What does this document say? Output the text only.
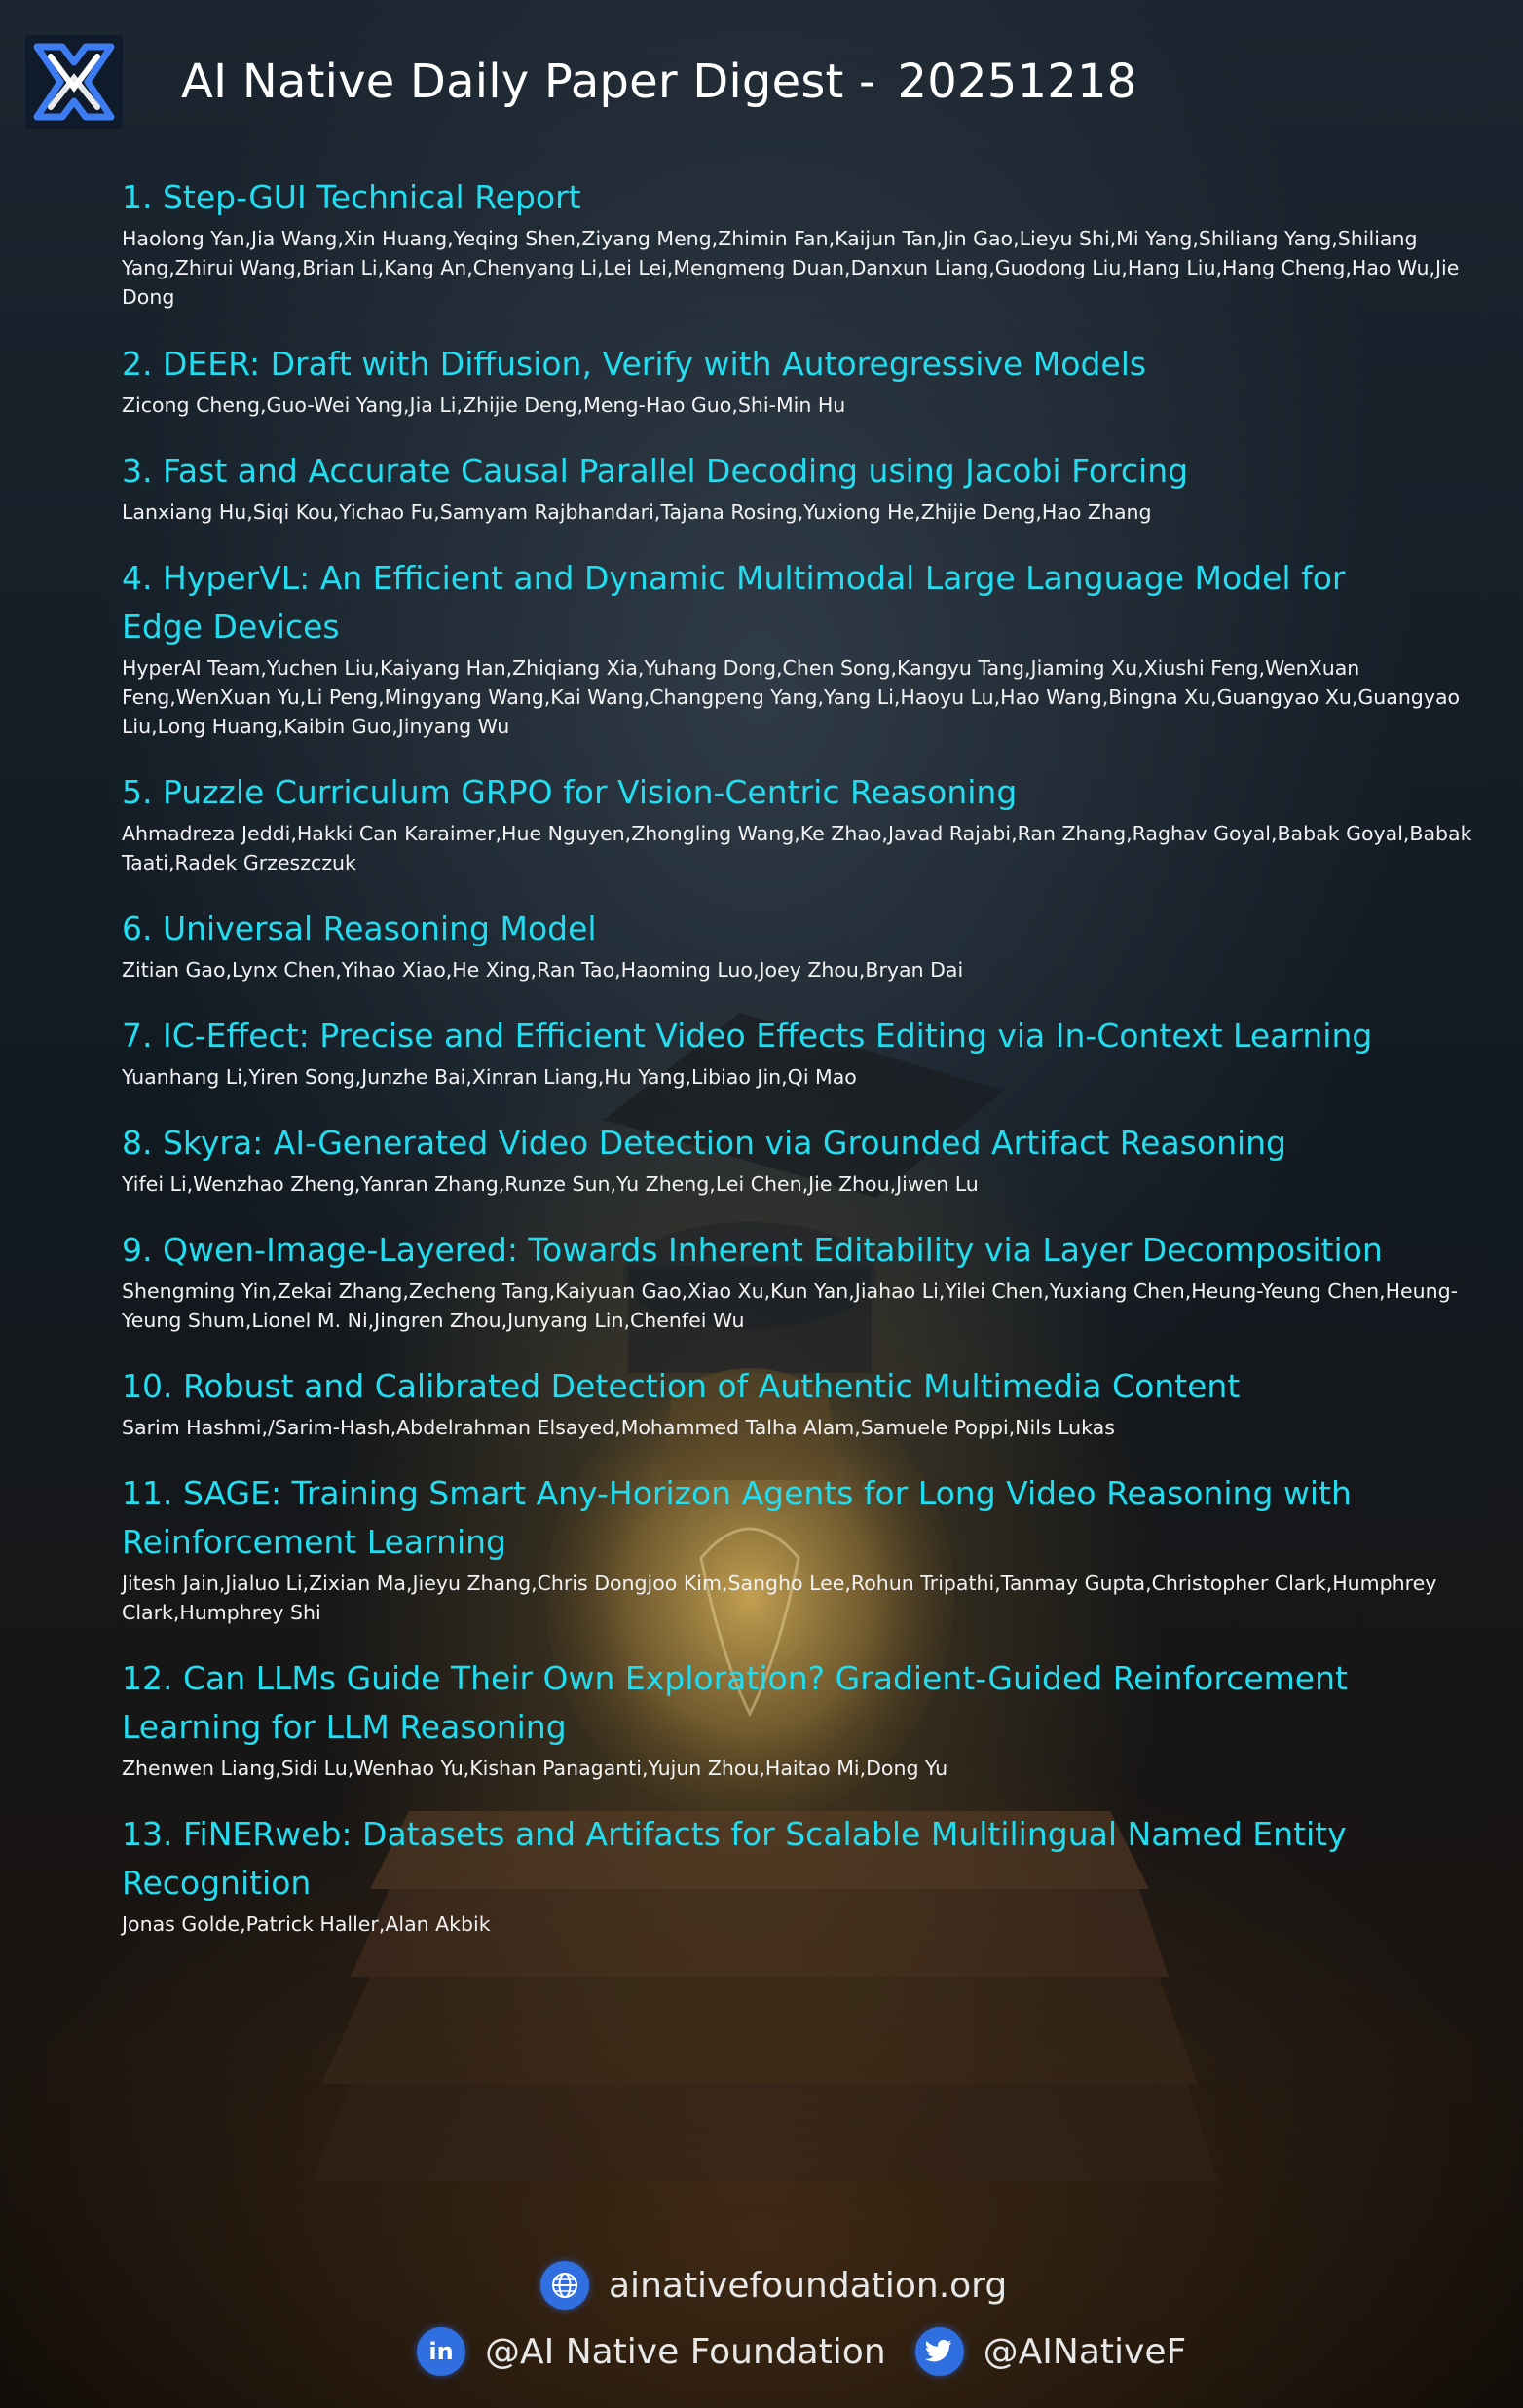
AI Native Daily Paper Digest - 20251218
1. Step-GUI Technical Report
Haolong Yan,Jia Wang,Xin Huang,Yeqing Shen,Ziyang Meng,Zhimin Fan,Kaijun Tan,Jin Gao,Lieyu Shi,Mi Yang,Shiliang Yang,Shiliang Yang,Zhirui Wang,Brian Li,Kang An,Chenyang Li,Lei Lei,Mengmeng Duan,Danxun Liang,Guodong Liu,Hang Liu,Hang Cheng,Hao Wu,Jie Dong
2. DEER: Draft with Diffusion, Verify with Autoregressive Models
Zicong Cheng,Guo-Wei Yang,Jia Li,Zhijie Deng,Meng-Hao Guo,Shi-Min Hu
3. Fast and Accurate Causal Parallel Decoding using Jacobi Forcing
Lanxiang Hu,Siqi Kou,Yichao Fu,Samyam Rajbhandari,Tajana Rosing,Yuxiong He,Zhijie Deng,Hao Zhang
4. HyperVL: An Efficient and Dynamic Multimodal Large Language Model for Edge Devices
HyperAI Team,Yuchen Liu,Kaiyang Han,Zhiqiang Xia,Yuhang Dong,Chen Song,Kangyu Tang,Jiaming Xu,Xiushi Feng,WenXuan Feng,WenXuan Yu,Li Peng,Mingyang Wang,Kai Wang,Changpeng Yang,Yang Li,Haoyu Lu,Hao Wang,Bingna Xu,Guangyao Xu,Guangyao Liu,Long Huang,Kaibin Guo,Jinyang Wu
5. Puzzle Curriculum GRPO for Vision-Centric Reasoning
Ahmadreza Jeddi,Hakki Can Karaimer,Hue Nguyen,Zhongling Wang,Ke Zhao,Javad Rajabi,Ran Zhang,Raghav Goyal,Babak Goyal,Babak Taati,Radek Grzeszczuk
6. Universal Reasoning Model
Zitian Gao,Lynx Chen,Yihao Xiao,He Xing,Ran Tao,Haoming Luo,Joey Zhou,Bryan Dai
7. IC-Effect: Precise and Efficient Video Effects Editing via In-Context Learning
Yuanhang Li,Yiren Song,Junzhe Bai,Xinran Liang,Hu Yang,Libiao Jin,Qi Mao
8. Skyra: AI-Generated Video Detection via Grounded Artifact Reasoning
Yifei Li,Wenzhao Zheng,Yanran Zhang,Runze Sun,Yu Zheng,Lei Chen,Jie Zhou,Jiwen Lu
9. Qwen-Image-Layered: Towards Inherent Editability via Layer Decomposition
Shengming Yin,Zekai Zhang,Zecheng Tang,Kaiyuan Gao,Xiao Xu,Kun Yan,Jiahao Li,Yilei Chen,Yuxiang Chen,Heung-Yeung Chen,Heung-Yeung Shum,Lionel M. Ni,Jingren Zhou,Junyang Lin,Chenfei Wu
10. Robust and Calibrated Detection of Authentic Multimedia Content
Sarim Hashmi,/Sarim-Hash,Abdelrahman Elsayed,Mohammed Talha Alam,Samuele Poppi,Nils Lukas
11. SAGE: Training Smart Any-Horizon Agents for Long Video Reasoning with Reinforcement Learning
Jitesh Jain,Jialuo Li,Zixian Ma,Jieyu Zhang,Chris Dongjoo Kim,Sangho Lee,Rohun Tripathi,Tanmay Gupta,Christopher Clark,Humphrey Clark,Humphrey Shi
12. Can LLMs Guide Their Own Exploration? Gradient-Guided Reinforcement Learning for LLM Reasoning
Zhenwen Liang,Sidi Lu,Wenhao Yu,Kishan Panaganti,Yujun Zhou,Haitao Mi,Dong Yu
13. FiNERweb: Datasets and Artifacts for Scalable Multilingual Named Entity Recognition
Jonas Golde,Patrick Haller,Alan Akbik
ainativefoundation.org
in @AI Native Foundation	@AINativeF
